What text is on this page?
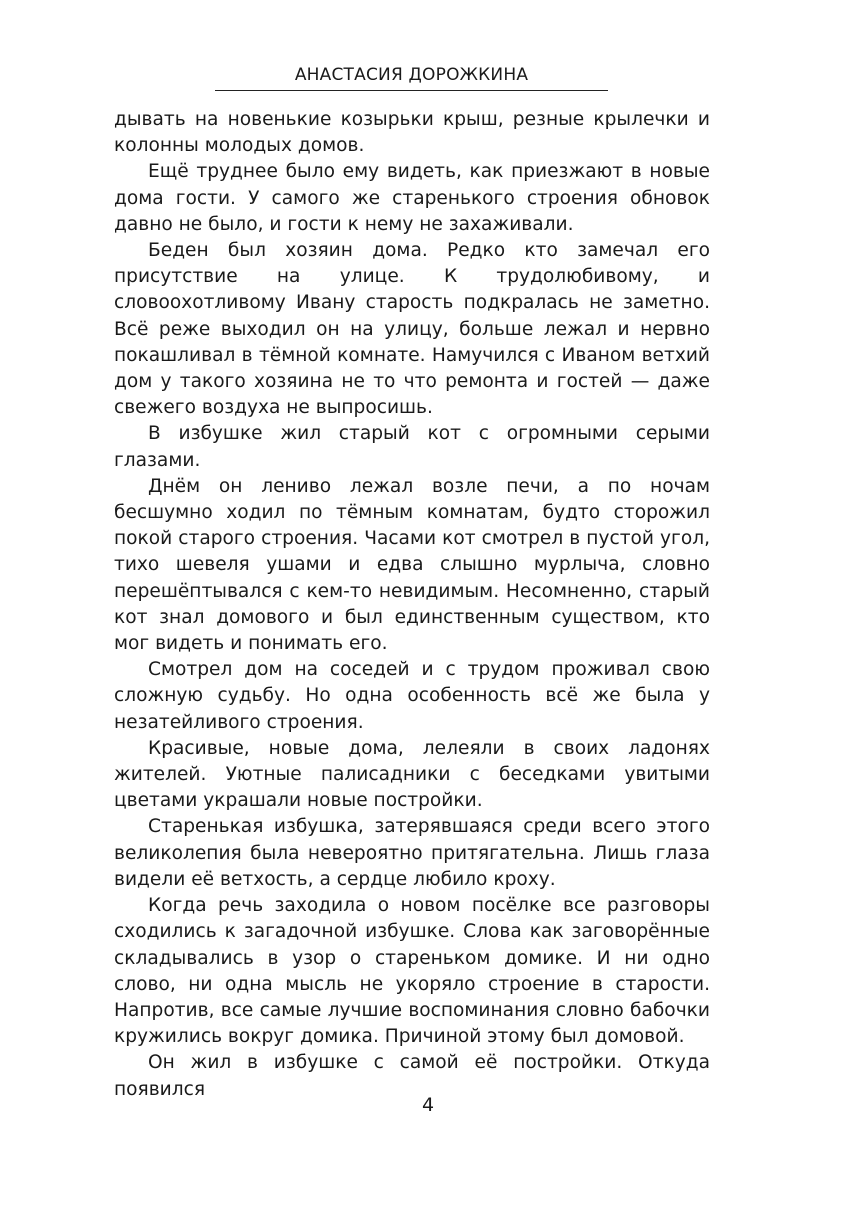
АНАСТАСИЯ ДОРОЖКИНА

дывать на новенькие козырьки крыш, резные крылечки и колонны молодых домов.

Ещё труднее было ему видеть, как приезжают в новые дома гости. У самого же старенького строения обновок давно не было, и гости к нему не захаживали.

Беден был хозяин дома. Редко кто замечал его присутствие на улице. К трудолюбивому, и словоохотливому Ивану старость подкралась не заметно. Всё реже выходил он на улицу, больше лежал и нервно покашливал в тёмной комнате. Намучился с Иваном ветхий дом у такого хозяина не то что ремонта и гостей — даже свежего воздуха не выпросишь.

В избушке жил старый кот с огромными серыми глазами.

Днём он лениво лежал возле печи, а по ночам бесшумно ходил по тёмным комнатам, будто сторожил покой старого строения. Часами кот смотрел в пустой угол, тихо шевеля ушами и едва слышно мурлыча, словно перешёптывался с кем-то невидимым. Несомненно, старый кот знал домового и был единственным существом, кто мог видеть и понимать его.

Смотрел дом на соседей и с трудом проживал свою сложную судьбу. Но одна особенность всё же была у незатейливого строения.

Красивые, новые дома, лелеяли в своих ладонях жителей. Уютные палисадники с беседками увитыми цветами украшали новые постройки.

Старенькая избушка, затерявшаяся среди всего этого великолепия была невероятно притягательна. Лишь глаза видели её ветхость, а сердце любило кроху.

Когда речь заходила о новом посёлке все разговоры сходились к загадочной избушке. Слова как заговорённые складывались в узор о стареньком домике. И ни одно слово, ни одна мысль не укоряло строение в старости. Напротив, все самые лучшие воспоминания словно бабочки кружились вокруг домика. Причиной этому был домовой.

Он жил в избушке с самой её постройки. Откуда появился

4
